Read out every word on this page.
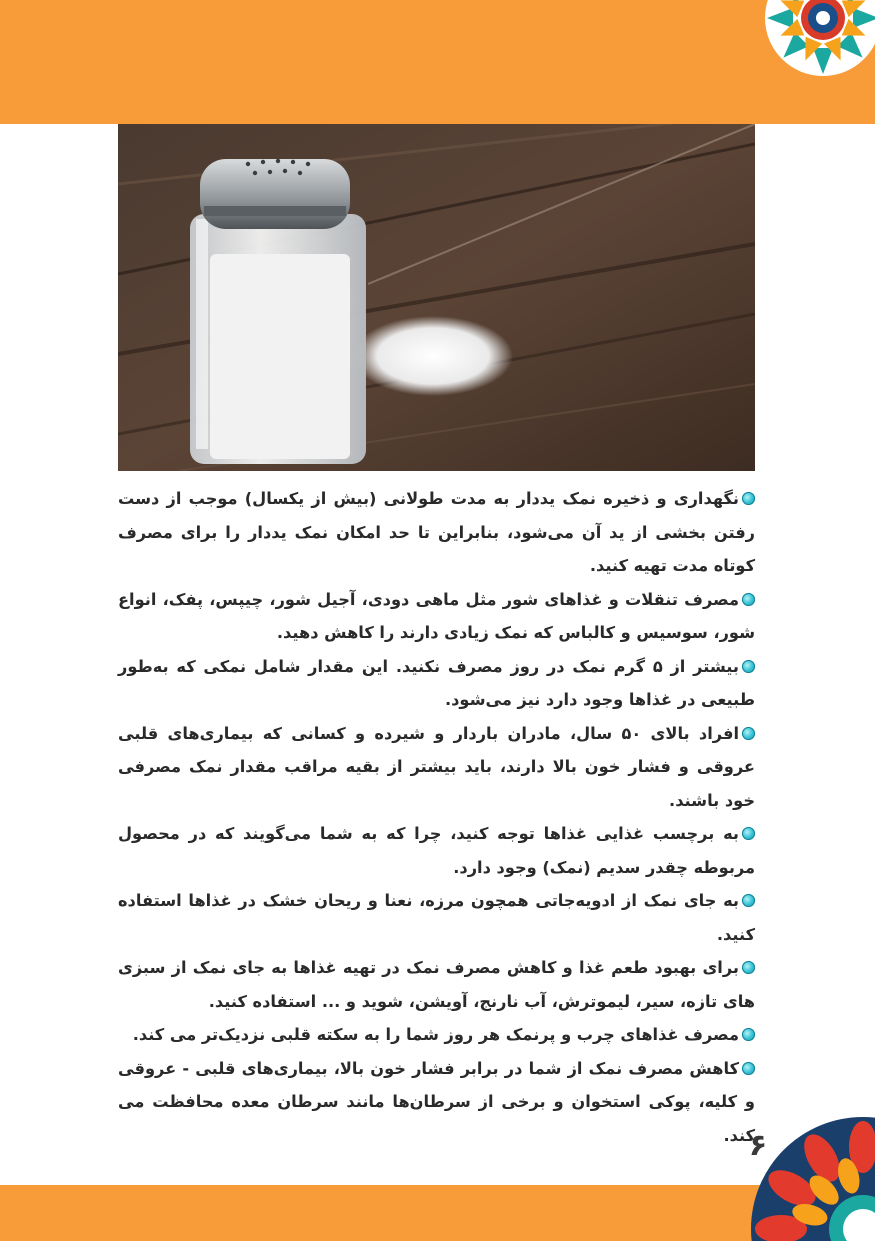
نگهداری و ذخیره نمک یددار به مدت طولانی (بیش از یکسال) موجب از دست رفتن بخشی از ید آن می‌شود، بنابراین تا حد امکان نمک یددار را برای مصرف کوتاه مدت تهیه کنید.

مصرف تنقلات و غذاهای شور مثل ماهی دودی، آجیل شور، چیپس، پفک، انواع شور، سوسیس و کالباس که نمک زیادی دارند را کاهش دهید.

بیشتر از ۵ گرم نمک در روز مصرف نکنید. این مقدار شامل نمکی که به‌طور طبیعی در غذاها وجود دارد نیز می‌شود.

افراد بالای ۵۰ سال، مادران باردار و شیرده و کسانی که بیماری‌های قلبی عروقی و فشار خون بالا دارند، باید بیشتر از بقیه مراقب مقدار نمک مصرفی خود باشند.

به برچسب غذایی غذاها توجه کنید، چرا که به شما می‌گویند که در محصول مربوطه چقدر سدیم (نمک) وجود دارد.

به جای نمک از ادویه‌جاتی همچون مرزه، نعنا و ریحان خشک در غذاها استفاده کنید.

برای بهبود طعم غذا و کاهش مصرف نمک در تهیه غذاها به جای نمک از سبزی های تازه، سیر، لیموترش، آب نارنج، آویشن، شوید و ... استفاده کنید.

مصرف غذاهای چرب و پرنمک هر روز شما را به سکته قلبی نزدیک‌تر می کند.

کاهش مصرف نمک از شما در برابر فشار خون بالا، بیماری‌های قلبی - عروقی و کلیه، پوکی استخوان و برخی از سرطان‌ها مانند سرطان معده محافظت می کند.

۶
